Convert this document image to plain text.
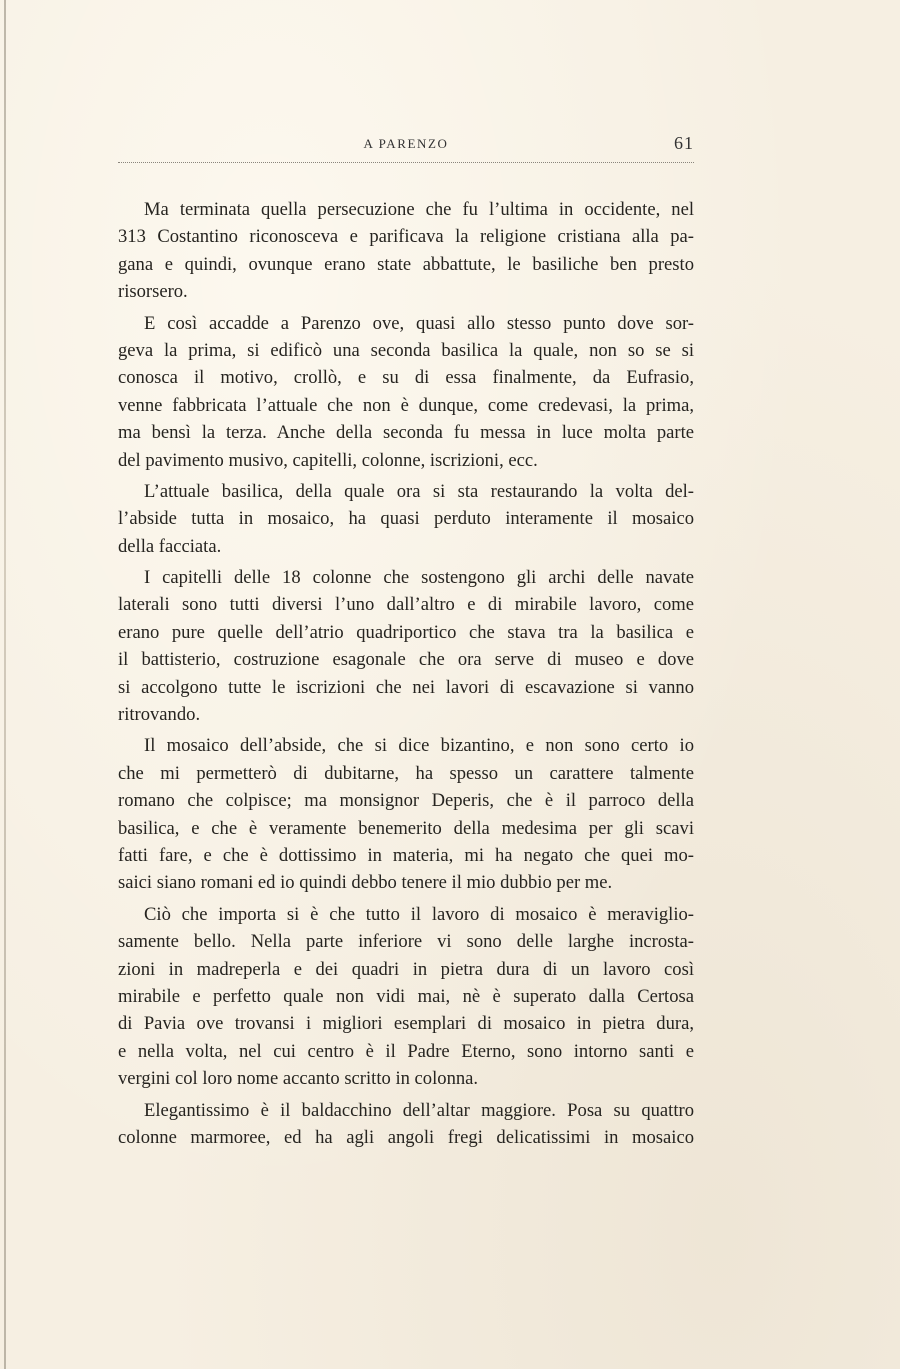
A PARENZO	61
Ma terminata quella persecuzione che fu l’ultima in occidente, nel
313 Costantino riconosceva e parificava la religione cristiana alla pa-
gana e quindi, ovunque erano state abbattute, le basiliche ben presto
risorsero.
E così accadde a Parenzo ove, quasi allo stesso punto dove sor-
geva la prima, si edificò una seconda basilica la quale, non so se si
conosca il motivo, crollò, e su di essa finalmente, da Eufrasio,
venne fabbricata l’attuale che non è dunque, come credevasi, la prima,
ma bensì la terza. Anche della seconda fu messa in luce molta parte
del pavimento musivo, capitelli, colonne, iscrizioni, ecc.
L’attuale basilica, della quale ora si sta restaurando la volta del-
l’abside tutta in mosaico, ha quasi perduto interamente il mosaico
della facciata.
I capitelli delle 18 colonne che sostengono gli archi delle navate
laterali sono tutti diversi l’uno dall’altro e di mirabile lavoro, come
erano pure quelle dell’atrio quadriportico che stava tra la basilica e
il battisterio, costruzione esagonale che ora serve di museo e dove
si accolgono tutte le iscrizioni che nei lavori di escavazione si vanno
ritrovando.
Il mosaico dell’abside, che si dice bizantino, e non sono certo io
che mi permetterò di dubitarne, ha spesso un carattere talmente
romano che colpisce; ma monsignor Deperis, che è il parroco della
basilica, e che è veramente benemerito della medesima per gli scavi
fatti fare, e che è dottissimo in materia, mi ha negato che quei mo-
saici siano romani ed io quindi debbo tenere il mio dubbio per me.
Ciò che importa si è che tutto il lavoro di mosaico è meraviglio-
samente bello. Nella parte inferiore vi sono delle larghe incrosta-
zioni in madreperla e dei quadri in pietra dura di un lavoro così
mirabile e perfetto quale non vidi mai, nè è superato dalla Certosa
di Pavia ove trovansi i migliori esemplari di mosaico in pietra dura,
e nella volta, nel cui centro è il Padre Eterno, sono intorno santi e
vergini col loro nome accanto scritto in colonna.
Elegantissimo è il baldacchino dell’altar maggiore. Posa su quattro
colonne marmoree, ed ha agli angoli fregi delicatissimi in mosaico
